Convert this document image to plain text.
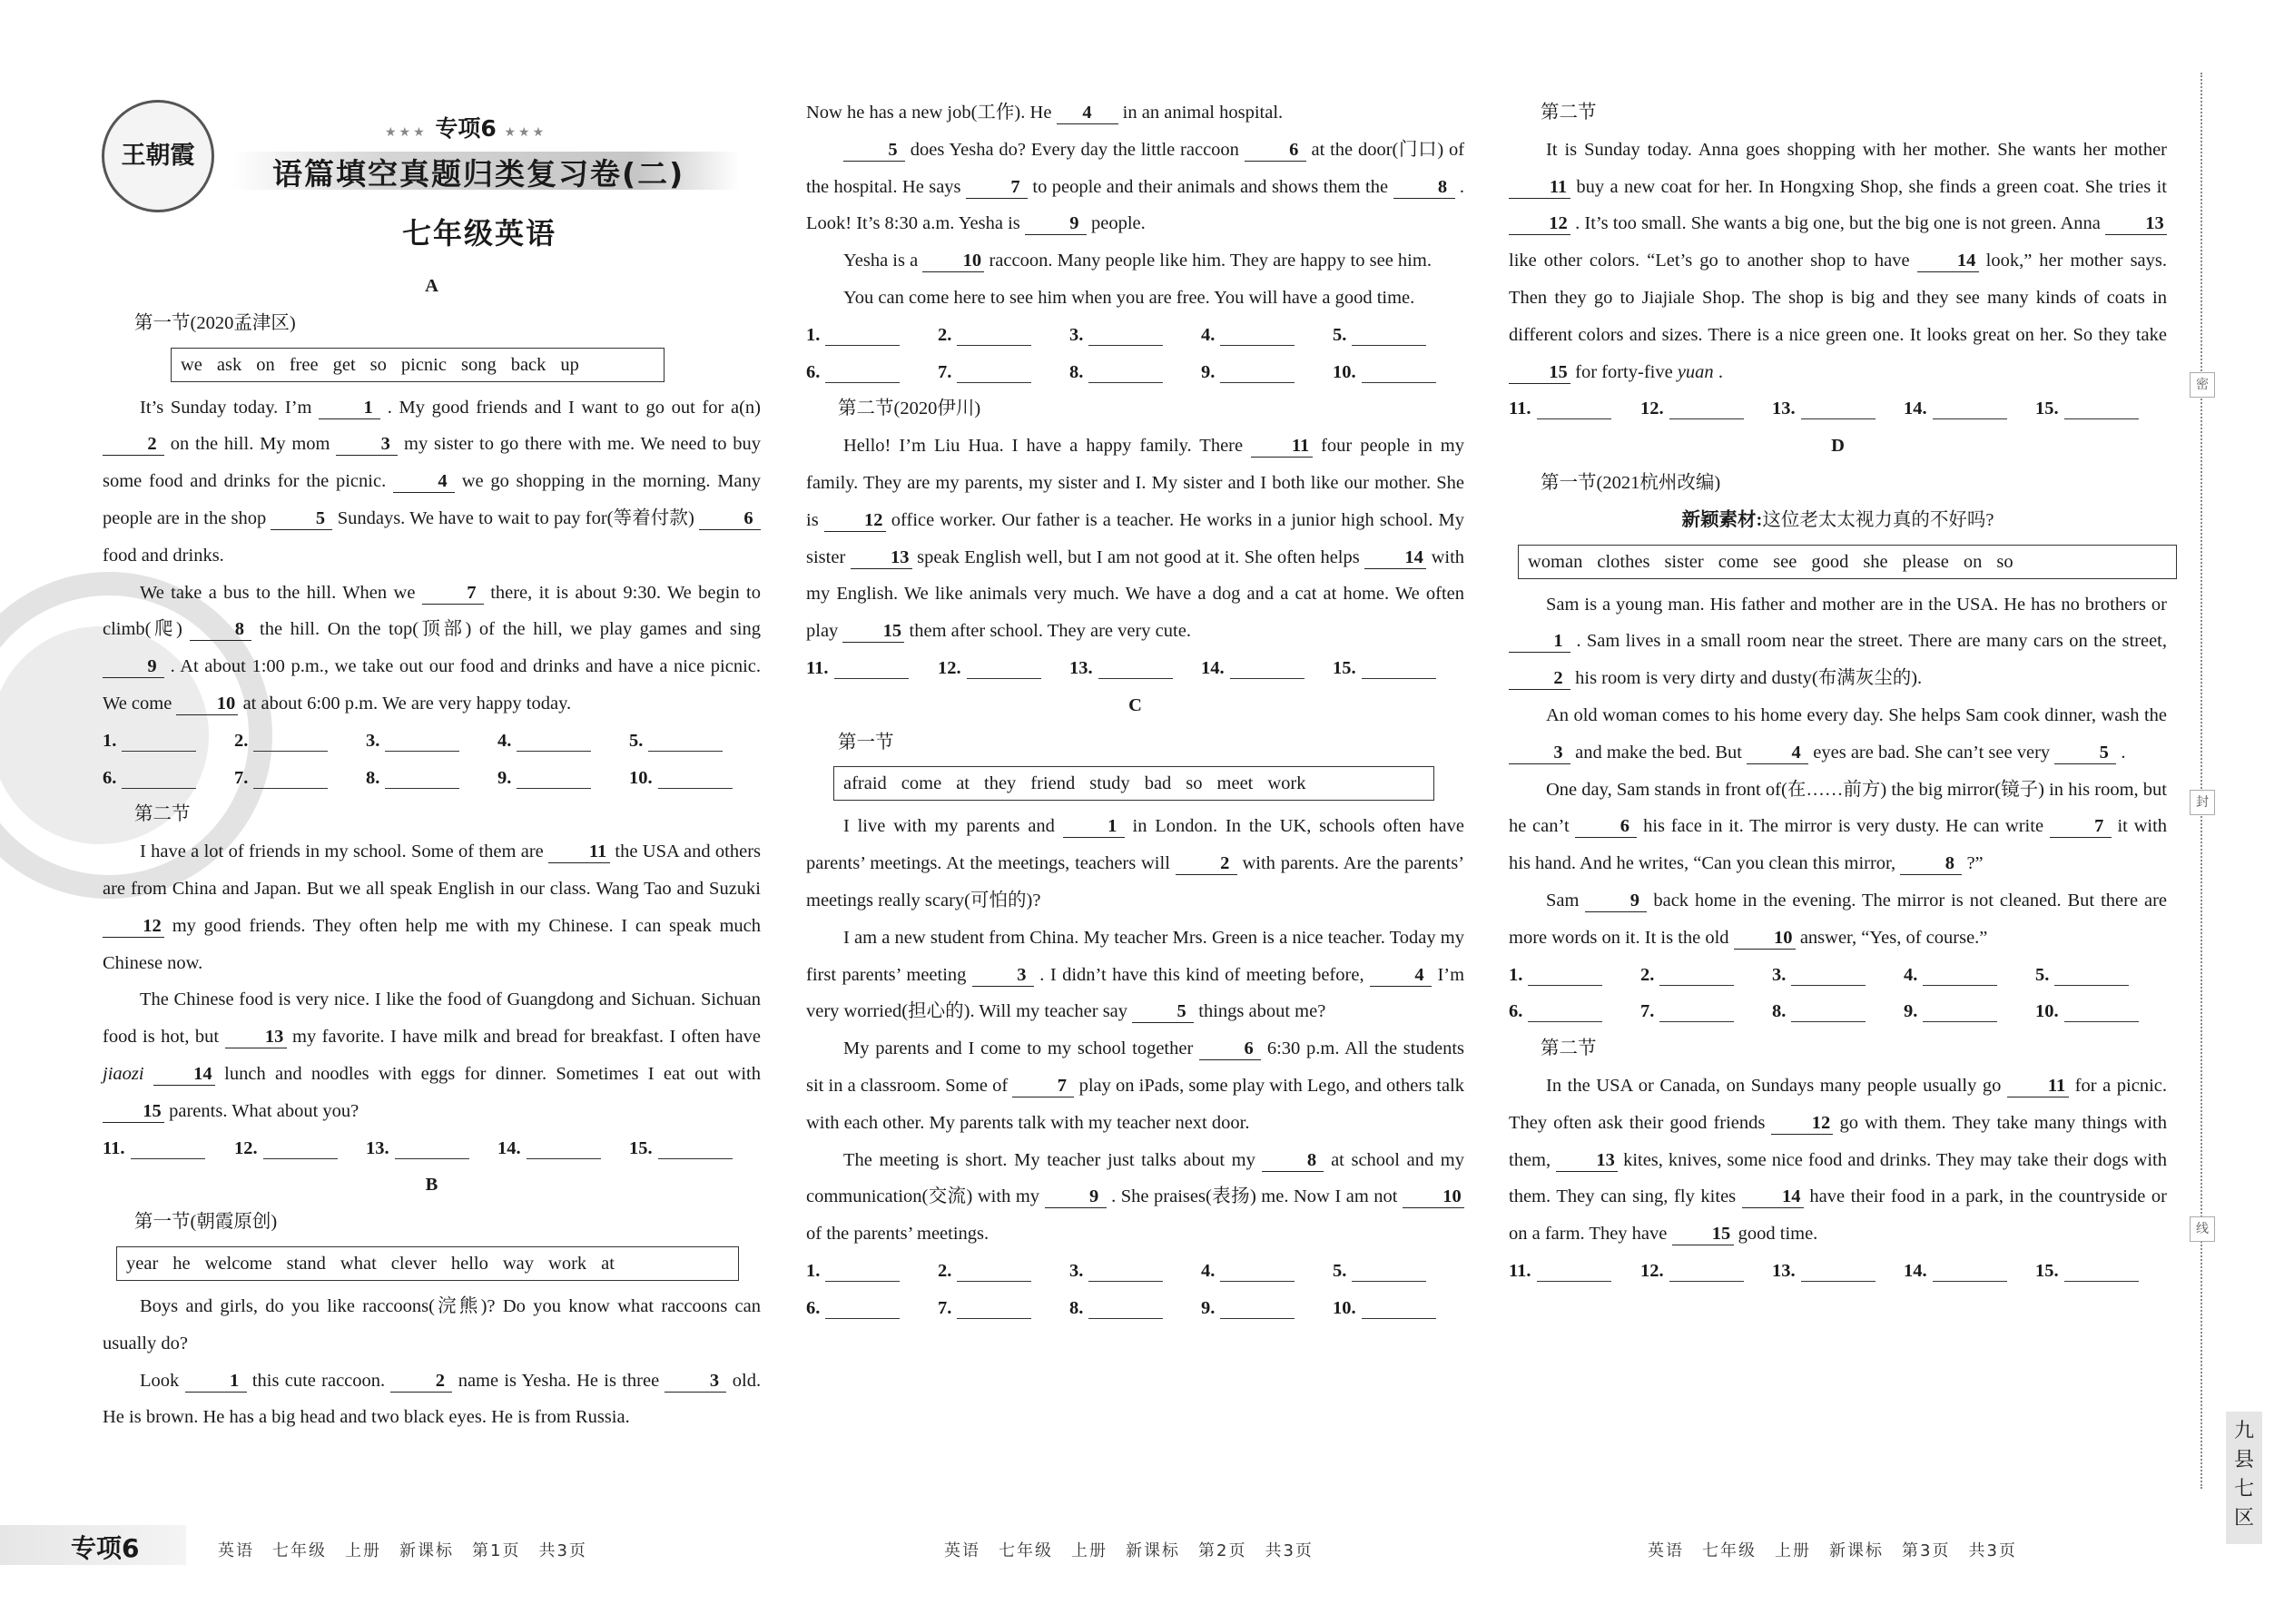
王朝霞
★★★ 专项6 ★★★
语篇填空真题归类复习卷(二)
七年级英语
A
第一节(2020孟津区)
we ask on free get so picnic song back up

It’s Sunday today. I’m	1 . My good friends and I want to go out for a(n) 2 on the hill. My mom	3 my sister to go there with me. We need to buy some food and drinks for the picnic.	4 we go shopping in the morning. Many people are in the shop	5 Sundays. We have to wait to pay for(等着付款)	6 food and drinks.

We take a bus to the hill. When we	7 there, it is about 9:30. We begin to climb(爬)	8 the hill. On the top(顶部) of the hill, we play games and sing 9 . At about 1:00 p.m., we take out our food and drinks and have a nice picnic. We come 10 at about 6:00 p.m. We are very happy today.

1.	2.	3.	4.	5.
6.	7.	8.	9.	10.
第二节

I have a lot of friends in my school. Some of them are 11 the USA and others are from China and Japan. But we all speak English in our class. Wang Tao and Suzuki 12 my good friends. They often help me with my Chinese. I can speak much Chinese now.

The Chinese food is very nice. I like the food of Guangdong and Sichuan. Sichuan food is hot, but 13 my favorite. I have milk and bread for breakfast. I often have jiaozi	14 lunch and noodles with eggs for dinner. Sometimes I eat out with 15 parents. What about you?

11.	12.	13.	14.	15.
B
第一节(朝霞原创)
year he welcome stand what clever hello way work at

Boys and girls, do you like raccoons(浣熊)? Do you know what raccoons can usually do?

Look	1 this cute raccoon.	2 name is Yesha. He is three	3 old. He is brown. He has a big head and two black eyes. He is from Russia.

Now he has a new job(工作). He 4 in an animal hospital.

5 does Yesha do? Every day the little raccoon	6 at the door(门口) of the hospital. He says	7 to people and their animals and shows them the	8 . Look! It’s 8:30 a.m. Yesha is	9 people.

Yesha is a 10 raccoon. Many people like him. They are happy to see him.

You can come here to see him when you are free. You will have a good time.

1.	2.	3.	4.	5.
6.	7.	8.	9.	10.
第二节(2020伊川)

Hello! I’m Liu Hua. I have a happy family. There	11 four people in my family. They are my parents, my sister and I. My sister and I both like our mother. She is 12 office worker. Our father is a teacher. He works in a junior high school. My sister 13 speak English well, but I am not good at it. She often helps 14 with my English. We like animals very much. We have a dog and a cat at home. We often play 15 them after school. They are very cute.

11.	12.	13.	14.	15.
C
第一节
afraid come at they friend study bad so meet work

I live with my parents and	1 in London. In the UK, schools often have parents’ meetings. At the meetings, teachers will	2 with parents. Are the parents’ meetings really scary(可怕的)?

I am a new student from China. My teacher Mrs. Green is a nice teacher. Today my first parents’ meeting	3 . I didn’t have this kind of meeting before,	4 I’m very worried(担心的). Will my teacher say	5 things about me?

My parents and I come to my school together	6 6:30 p.m. All the students sit in a classroom. Some of	7 play on iPads, some play with Lego, and others talk with each other. My parents talk with my teacher next door.

The meeting is short. My teacher just talks about my	8 at school and my communication(交流) with my	9 . She praises(表扬) me. Now I am not 10 of the parents’ meetings.

1.	2.	3.	4.	5.
6.	7.	8.	9.	10.
第二节

It is Sunday today. Anna goes shopping with her mother. She wants her mother 11 buy a new coat for her. In Hongxing Shop, she finds a green coat. She tries it 12 . It’s too small. She wants a big one, but the big one is not green. Anna 13 like other colors. “Let’s go to another shop to have	14 look,” her mother says. Then they go to Jiajiale Shop. The shop is big and they see many kinds of coats in different colors and sizes. There is a nice green one. It looks great on her. So they take 15 for forty-five yuan .

11.	12.	13.	14.	15.
D
第一节(2021杭州改编)
新颖素材:这位老太太视力真的不好吗?
woman clothes sister come see good she please on so

Sam is a young man. His father and mother are in the USA. He has no brothers or 1 . Sam lives in a small room near the street. There are many cars on the street, 2 his room is very dirty and dusty(布满灰尘的).

An old woman comes to his home every day. She helps Sam cook dinner, wash the 3 and make the bed. But	4 eyes are bad. She can’t see very	5 .

One day, Sam stands in front of(在……前方) the big mirror(镜子) in his room, but he can’t	6 his face in it. The mirror is very dusty. He can write	7 it with his hand. And he writes, “Can you clean this mirror,	8 ?”

Sam	9 back home in the evening. The mirror is not cleaned. But there are more words on it. It is the old 10 answer, “Yes, of course.”

1.	2.	3.	4.	5.
6.	7.	8.	9.	10.
第二节

In the USA or Canada, on Sundays many people usually go	11 for a picnic. They often ask their good friends	12 go with them. They take many things with them, 13 kites, knives, some nice food and drinks. They may take their dogs with them. They can sing, fly kites 14 have their food in a park, in the countryside or on a farm. They have 15 good time.

11.	12.	13.	14.	15.
密
封
线
九县七区
专项6	英语　七年级　上册　新课标　第1页　共3页	英语　七年级　上册　新课标　第2页　共3页	英语　七年级　上册　新课标　第3页　共3页
